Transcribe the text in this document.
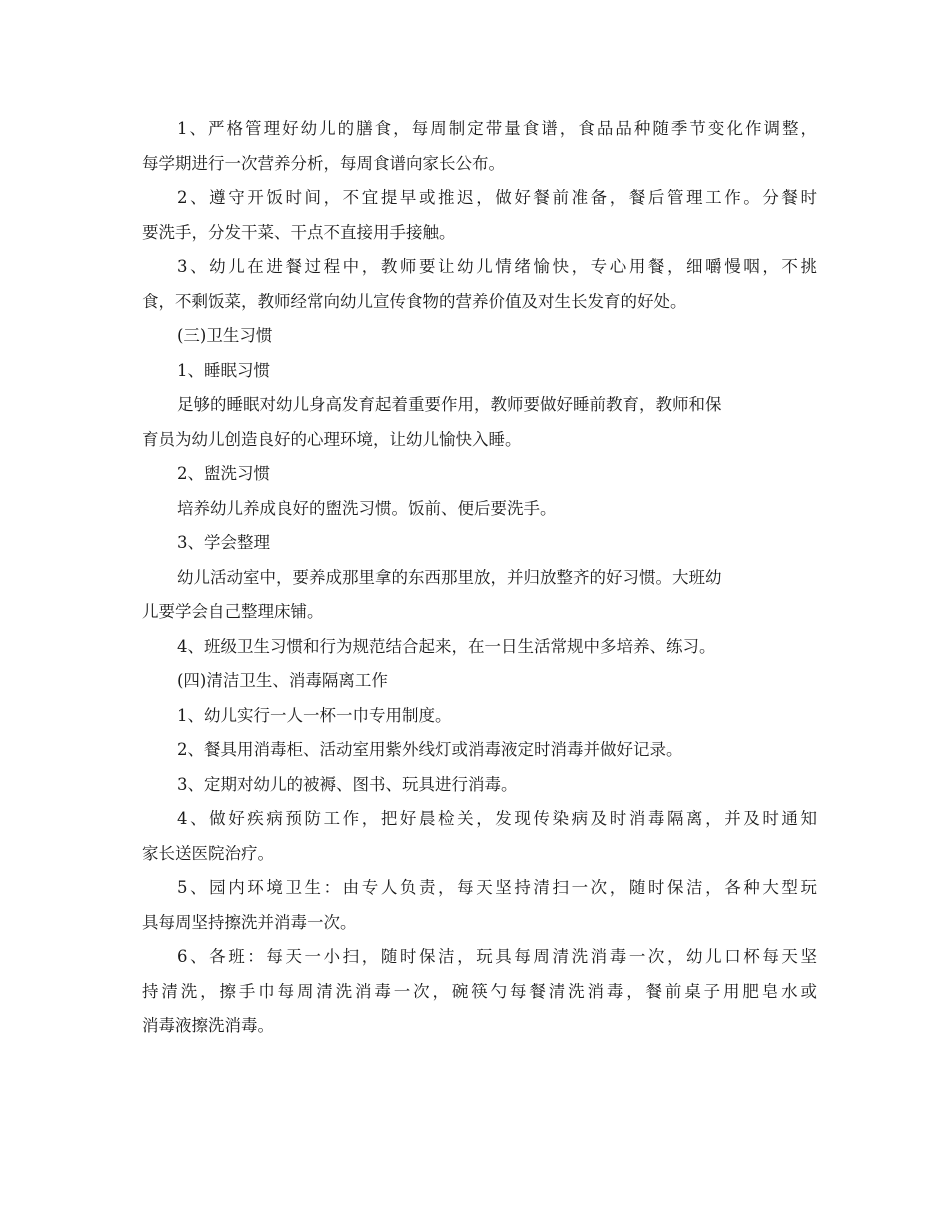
1、严格管理好幼儿的膳食，每周制定带量食谱，食品品种随季节变化作调整，
每学期进行一次营养分析，每周食谱向家长公布。
2、遵守开饭时间，不宜提早或推迟，做好餐前准备，餐后管理工作。分餐时
要洗手，分发干菜、干点不直接用手接触。
3、幼儿在进餐过程中，教师要让幼儿情绪愉快，专心用餐，细嚼慢咽，不挑
食，不剩饭菜，教师经常向幼儿宣传食物的营养价值及对生长发育的好处。
(三)卫生习惯
1、睡眠习惯
足够的睡眠对幼儿身高发育起着重要作用，教师要做好睡前教育，教师和保
育员为幼儿创造良好的心理环境，让幼儿愉快入睡。
2、盥洗习惯
培养幼儿养成良好的盥洗习惯。饭前、便后要洗手。
3、学会整理
幼儿活动室中，要养成那里拿的东西那里放，并归放整齐的好习惯。大班幼
儿要学会自己整理床铺。
4、班级卫生习惯和行为规范结合起来，在一日生活常规中多培养、练习。
(四)清洁卫生、消毒隔离工作
1、幼儿实行一人一杯一巾专用制度。
2、餐具用消毒柜、活动室用紫外线灯或消毒液定时消毒并做好记录。
3、定期对幼儿的被褥、图书、玩具进行消毒。
4、做好疾病预防工作，把好晨检关，发现传染病及时消毒隔离，并及时通知
家长送医院治疗。
5、园内环境卫生：由专人负责，每天坚持清扫一次，随时保洁，各种大型玩
具每周坚持擦洗并消毒一次。
6、各班：每天一小扫，随时保洁，玩具每周清洗消毒一次，幼儿口杯每天坚
持清洗，擦手巾每周清洗消毒一次，碗筷勺每餐清洗消毒，餐前桌子用肥皂水或
消毒液擦洗消毒。
